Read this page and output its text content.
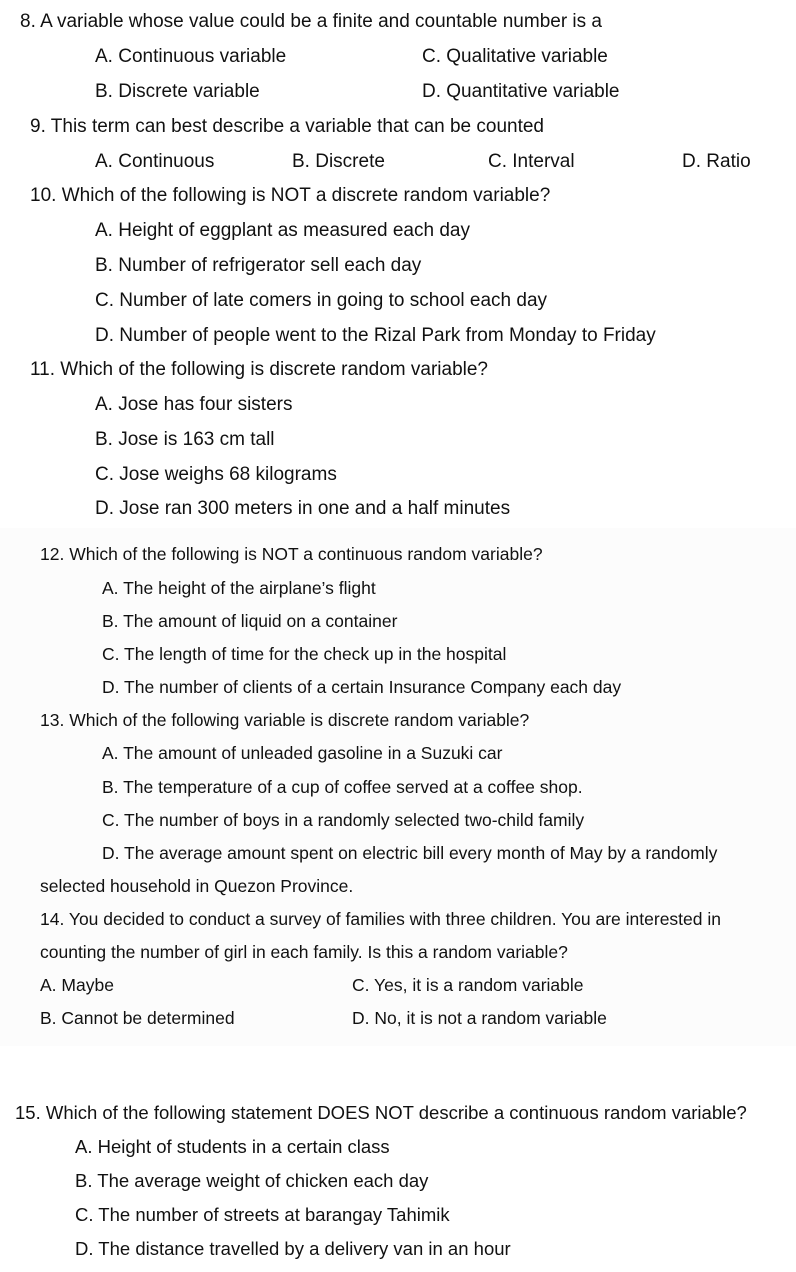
8. A variable whose value could be a finite and countable number is a
A. Continuous variable	C. Qualitative variable
B. Discrete variable	D. Quantitative variable
9. This term can best describe a variable that can be counted
A. Continuous	B. Discrete	C. Interval	D. Ratio
10. Which of the following is NOT a discrete random variable?
A. Height of eggplant as measured each day
B. Number of refrigerator sell each day
C. Number of late comers in going to school each day
D. Number of people went to the Rizal Park from Monday to Friday
11. Which of the following is discrete random variable?
A. Jose has four sisters
B. Jose is 163 cm tall
C. Jose weighs 68 kilograms
D. Jose ran 300 meters in one and a half minutes
12. Which of the following is NOT a continuous random variable?
A. The height of the airplane’s flight
B. The amount of liquid on a container
C. The length of time for the check up in the hospital
D. The number of clients of a certain Insurance Company each day
13. Which of the following variable is discrete random variable?
A. The amount of unleaded gasoline in a Suzuki car
B. The temperature of a cup of coffee served at a coffee shop.
C. The number of boys in a randomly selected two-child family
D. The average amount spent on electric bill every month of May by a randomly
selected household in Quezon Province.
14. You decided to conduct a survey of families with three children. You are interested in
counting the number of girl in each family. Is this a random variable?
A. Maybe	C. Yes, it is a random variable
B. Cannot be determined	D. No, it is not a random variable
15. Which of the following statement DOES NOT describe a continuous random variable?
A. Height of students in a certain class
B. The average weight of chicken each day
C. The number of streets at barangay Tahimik
D. The distance travelled by a delivery van in an hour
